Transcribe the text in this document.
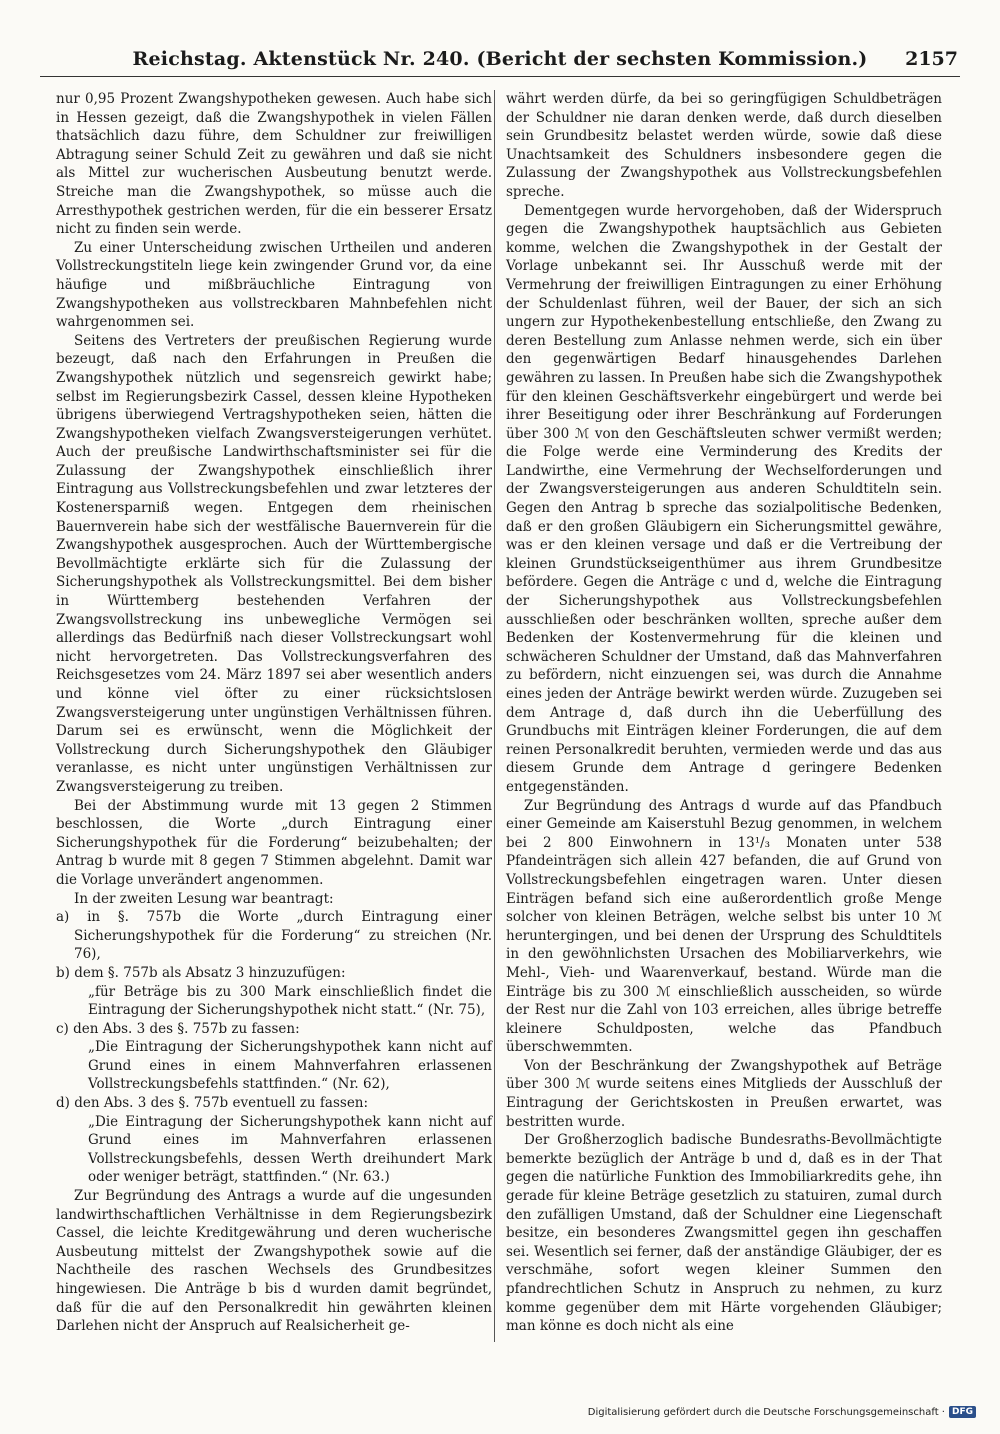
Reichstag. Aktenstück Nr. 240. (Bericht der sechsten Kommission.)	2157

nur 0,95 Prozent Zwangshypotheken gewesen. Auch habe sich in Hessen gezeigt, daß die Zwangshypothek in vielen Fällen thatsächlich dazu führe, dem Schuldner zur freiwilligen Abtragung seiner Schuld Zeit zu gewähren und daß sie nicht als Mittel zur wucherischen Ausbeutung benutzt werde. Streiche man die Zwangshypothek, so müsse auch die Arresthypothek gestrichen werden, für die ein besserer Ersatz nicht zu finden sein werde.

Zu einer Unterscheidung zwischen Urtheilen und anderen Vollstreckungstiteln liege kein zwingender Grund vor, da eine häufige und mißbräuchliche Eintragung von Zwangshypotheken aus vollstreckbaren Mahnbefehlen nicht wahrgenommen sei.

Seitens des Vertreters der preußischen Regierung wurde bezeugt, daß nach den Erfahrungen in Preußen die Zwangshypothek nützlich und segensreich gewirkt habe; selbst im Regierungsbezirk Cassel, dessen kleine Hypotheken übrigens überwiegend Vertragshypotheken seien, hätten die Zwangshypotheken vielfach Zwangsversteigerungen verhütet. Auch der preußische Landwirthschaftsminister sei für die Zulassung der Zwangshypothek einschließlich ihrer Eintragung aus Vollstreckungsbefehlen und zwar letzteres der Kostenersparniß wegen. Entgegen dem rheinischen Bauernverein habe sich der westfälische Bauernverein für die Zwangshypothek ausgesprochen. Auch der Württembergische Bevollmächtigte erklärte sich für die Zulassung der Sicherungshypothek als Vollstreckungsmittel. Bei dem bisher in Württemberg bestehenden Verfahren der Zwangsvollstreckung ins unbewegliche Vermögen sei allerdings das Bedürfniß nach dieser Vollstreckungsart wohl nicht hervorgetreten. Das Vollstreckungsverfahren des Reichsgesetzes vom 24. März 1897 sei aber wesentlich anders und könne viel öfter zu einer rücksichtslosen Zwangsversteigerung unter ungünstigen Verhältnissen führen. Darum sei es erwünscht, wenn die Möglichkeit der Vollstreckung durch Sicherungshypothek den Gläubiger veranlasse, es nicht unter ungünstigen Verhältnissen zur Zwangsversteigerung zu treiben.

Bei der Abstimmung wurde mit 13 gegen 2 Stimmen beschlossen, die Worte „durch Eintragung einer Sicherungshypothek für die Forderung“ beizubehalten; der Antrag b wurde mit 8 gegen 7 Stimmen abgelehnt. Damit war die Vorlage unverändert angenommen.

In der zweiten Lesung war beantragt:

a) in §. 757b die Worte „durch Eintragung einer Sicherungshypothek für die Forderung“ zu streichen (Nr. 76),

b) dem §. 757b als Absatz 3 hinzuzufügen:

„für Beträge bis zu 300 Mark einschließlich findet die Eintragung der Sicherungshypothek nicht statt.“ (Nr. 75),

c) den Abs. 3 des §. 757b zu fassen:

„Die Eintragung der Sicherungshypothek kann nicht auf Grund eines in einem Mahnverfahren erlassenen Vollstreckungsbefehls stattfinden.“ (Nr. 62),

d) den Abs. 3 des §. 757b eventuell zu fassen:

„Die Eintragung der Sicherungshypothek kann nicht auf Grund eines im Mahnverfahren erlassenen Vollstreckungsbefehls, dessen Werth dreihundert Mark oder weniger beträgt, stattfinden.“ (Nr. 63.)

Zur Begründung des Antrags a wurde auf die ungesunden landwirthschaftlichen Verhältnisse in dem Regierungsbezirk Cassel, die leichte Kreditgewährung und deren wucherische Ausbeutung mittelst der Zwangshypothek sowie auf die Nachtheile des raschen Wechsels des Grundbesitzes hingewiesen. Die Anträge b bis d wurden damit begründet, daß für die auf den Personalkredit hin gewährten kleinen Darlehen nicht der Anspruch auf Realsicherheit ge-

währt werden dürfe, da bei so geringfügigen Schuldbeträgen der Schuldner nie daran denken werde, daß durch dieselben sein Grundbesitz belastet werden würde, sowie daß diese Unachtsamkeit des Schuldners insbesondere gegen die Zulassung der Zwangshypothek aus Vollstreckungsbefehlen spreche.

Dementgegen wurde hervorgehoben, daß der Widerspruch gegen die Zwangshypothek hauptsächlich aus Gebieten komme, welchen die Zwangshypothek in der Gestalt der Vorlage unbekannt sei. Ihr Ausschuß werde mit der Vermehrung der freiwilligen Eintragungen zu einer Erhöhung der Schuldenlast führen, weil der Bauer, der sich an sich ungern zur Hypothekenbestellung entschließe, den Zwang zu deren Bestellung zum Anlasse nehmen werde, sich ein über den gegenwärtigen Bedarf hinausgehendes Darlehen gewähren zu lassen. In Preußen habe sich die Zwangshypothek für den kleinen Geschäftsverkehr eingebürgert und werde bei ihrer Beseitigung oder ihrer Beschränkung auf Forderungen über 300 ℳ von den Geschäftsleuten schwer vermißt werden; die Folge werde eine Verminderung des Kredits der Landwirthe, eine Vermehrung der Wechselforderungen und der Zwangsversteigerungen aus anderen Schuldtiteln sein. Gegen den Antrag b spreche das sozialpolitische Bedenken, daß er den großen Gläubigern ein Sicherungsmittel gewähre, was er den kleinen versage und daß er die Vertreibung der kleinen Grundstückseigenthümer aus ihrem Grundbesitze befördere. Gegen die Anträge c und d, welche die Eintragung der Sicherungshypothek aus Vollstreckungsbefehlen ausschließen oder beschränken wollten, spreche außer dem Bedenken der Kostenvermehrung für die kleinen und schwächeren Schuldner der Umstand, daß das Mahnverfahren zu befördern, nicht einzuengen sei, was durch die Annahme eines jeden der Anträge bewirkt werden würde. Zuzugeben sei dem Antrage d, daß durch ihn die Ueberfüllung des Grundbuchs mit Einträgen kleiner Forderungen, die auf dem reinen Personalkredit beruhten, vermieden werde und das aus diesem Grunde dem Antrage d geringere Bedenken entgegenständen.

Zur Begründung des Antrags d wurde auf das Pfandbuch einer Gemeinde am Kaiserstuhl Bezug genommen, in welchem bei 2 800 Einwohnern in 13¹/₃ Monaten unter 538 Pfandeinträgen sich allein 427 befanden, die auf Grund von Vollstreckungsbefehlen eingetragen waren. Unter diesen Einträgen befand sich eine außerordentlich große Menge solcher von kleinen Beträgen, welche selbst bis unter 10 ℳ heruntergingen, und bei denen der Ursprung des Schuldtitels in den gewöhnlichsten Ursachen des Mobiliarverkehrs, wie Mehl-, Vieh- und Waarenverkauf, bestand. Würde man die Einträge bis zu 300 ℳ einschließlich ausscheiden, so würde der Rest nur die Zahl von 103 erreichen, alles übrige betreffe kleinere Schuldposten, welche das Pfandbuch überschwemmten.

Von der Beschränkung der Zwangshypothek auf Beträge über 300 ℳ wurde seitens eines Mitglieds der Ausschluß der Eintragung der Gerichtskosten in Preußen erwartet, was bestritten wurde.

Der Großherzoglich badische Bundesraths-Bevollmächtigte bemerkte bezüglich der Anträge b und d, daß es in der That gegen die natürliche Funktion des Immobiliarkredits gehe, ihn gerade für kleine Beträge gesetzlich zu statuiren, zumal durch den zufälligen Umstand, daß der Schuldner eine Liegenschaft besitze, ein besonderes Zwangsmittel gegen ihn geschaffen sei. Wesentlich sei ferner, daß der anständige Gläubiger, der es verschmähe, sofort wegen kleiner Summen den pfandrechtlichen Schutz in Anspruch zu nehmen, zu kurz komme gegenüber dem mit Härte vorgehenden Gläubiger; man könne es doch nicht als eine

Digitalisierung gefördert durch die Deutsche Forschungsgemeinschaft · DFG
